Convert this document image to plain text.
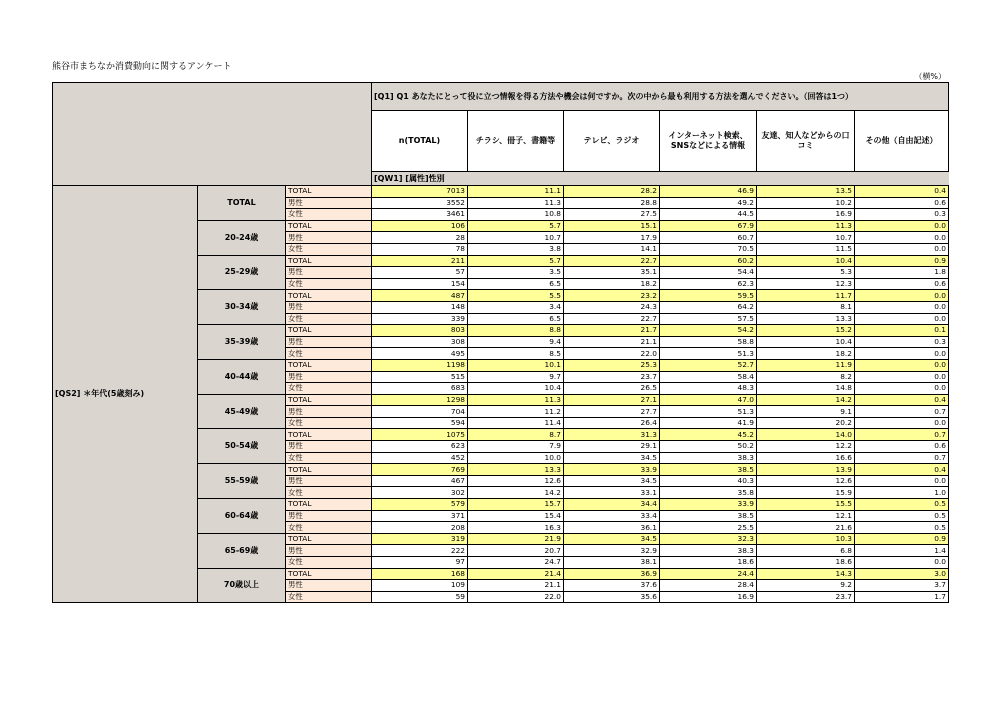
熊谷市まちなか消費動向に関するアンケート
（横%）
			[Q1] Q1 あなたにとって役に立つ情報を得る方法や機会は何ですか。次の中から最も利用する方法を選んでください。（回答は1つ）					
			n(TOTAL)	チラシ、冊子、書籍等	テレビ、ラジオ	インターネット検索、SNSなどによる情報	友達、知人などからの口コミ	その他（自由記述）
			[QW1] [属性]性別					
[QS2] ＊年代(5歳刻み)	TOTAL	TOTAL	7013	11.1	28.2	46.9	13.5	0.4
		男性	3552	11.3	28.8	49.2	10.2	0.6
		女性	3461	10.8	27.5	44.5	16.9	0.3
	20-24歳	TOTAL	106	5.7	15.1	67.9	11.3	0.0
		男性	28	10.7	17.9	60.7	10.7	0.0
		女性	78	3.8	14.1	70.5	11.5	0.0
	25-29歳	TOTAL	211	5.7	22.7	60.2	10.4	0.9
		男性	57	3.5	35.1	54.4	5.3	1.8
		女性	154	6.5	18.2	62.3	12.3	0.6
	30-34歳	TOTAL	487	5.5	23.2	59.5	11.7	0.0
		男性	148	3.4	24.3	64.2	8.1	0.0
		女性	339	6.5	22.7	57.5	13.3	0.0
	35-39歳	TOTAL	803	8.8	21.7	54.2	15.2	0.1
		男性	308	9.4	21.1	58.8	10.4	0.3
		女性	495	8.5	22.0	51.3	18.2	0.0
	40-44歳	TOTAL	1198	10.1	25.3	52.7	11.9	0.0
		男性	515	9.7	23.7	58.4	8.2	0.0
		女性	683	10.4	26.5	48.3	14.8	0.0
	45-49歳	TOTAL	1298	11.3	27.1	47.0	14.2	0.4
		男性	704	11.2	27.7	51.3	9.1	0.7
		女性	594	11.4	26.4	41.9	20.2	0.0
	50-54歳	TOTAL	1075	8.7	31.3	45.2	14.0	0.7
		男性	623	7.9	29.1	50.2	12.2	0.6
		女性	452	10.0	34.5	38.3	16.6	0.7
	55-59歳	TOTAL	769	13.3	33.9	38.5	13.9	0.4
		男性	467	12.6	34.5	40.3	12.6	0.0
		女性	302	14.2	33.1	35.8	15.9	1.0
	60-64歳	TOTAL	579	15.7	34.4	33.9	15.5	0.5
		男性	371	15.4	33.4	38.5	12.1	0.5
		女性	208	16.3	36.1	25.5	21.6	0.5
	65-69歳	TOTAL	319	21.9	34.5	32.3	10.3	0.9
		男性	222	20.7	32.9	38.3	6.8	1.4
		女性	97	24.7	38.1	18.6	18.6	0.0
	70歳以上	TOTAL	168	21.4	36.9	24.4	14.3	3.0
		男性	109	21.1	37.6	28.4	9.2	3.7
		女性	59	22.0	35.6	16.9	23.7	1.7
